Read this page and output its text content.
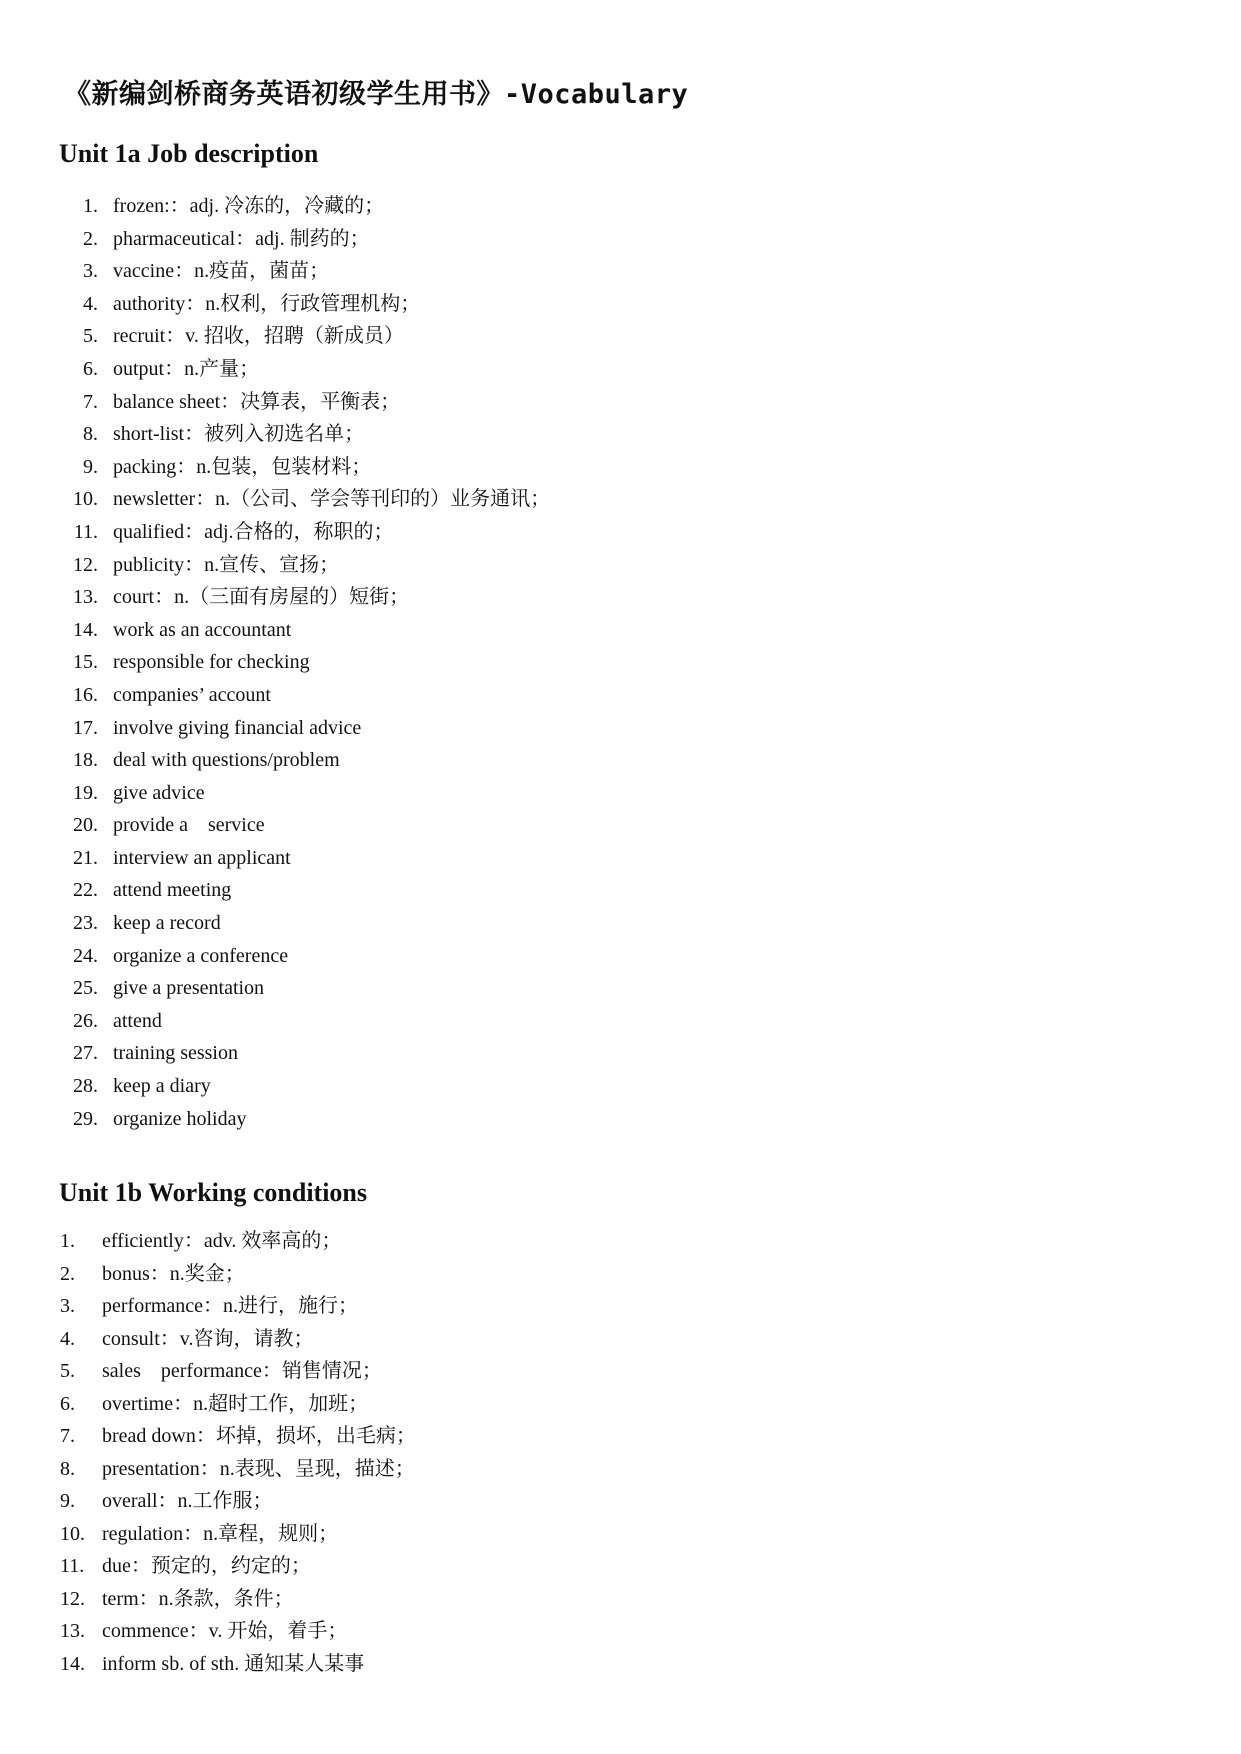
《新编剑桥商务英语初级学生用书》-Vocabulary
Unit 1a Job description
1. frozen:：adj. 冷冻的，冷藏的；
2. pharmaceutical：adj. 制药的；
3. vaccine：n.疫苗，菌苗；
4. authority：n.权利，行政管理机构；
5. recruit：v. 招收，招聘（新成员）
6. output：n.产量；
7. balance sheet：决算表，平衡表；
8. short-list：被列入初选名单；
9. packing：n.包装，包装材料；
10. newsletter：n.（公司、学会等刊印的）业务通讯；
11. qualified：adj.合格的，称职的；
12. publicity：n.宣传、宣扬；
13. court：n.（三面有房屋的）短街；
14. work as an accountant
15. responsible for checking
16. companies’ account
17. involve giving financial advice
18. deal with questions/problem
19. give advice
20. provide a    service
21. interview an applicant
22. attend meeting
23. keep a record
24. organize a conference
25. give a presentation
26. attend
27. training session
28. keep a diary
29. organize holiday
Unit 1b Working conditions
1.	efficiently：adv. 效率高的；
2.	bonus：n.奖金；
3.	performance：n.进行，施行；
4.	consult：v.咨询，请教；
5.	sales    performance：销售情况；
6.	overtime：n.超时工作，加班；
7.	bread down：坏掉，损坏，出毛病；
8.	presentation：n.表现、呈现，描述；
9.	overall：n.工作服；
10. regulation：n.章程，规则；
11. due：预定的，约定的；
12. term：n.条款，条件；
13. commence：v. 开始，着手；
14. inform sb. of sth. 通知某人某事
